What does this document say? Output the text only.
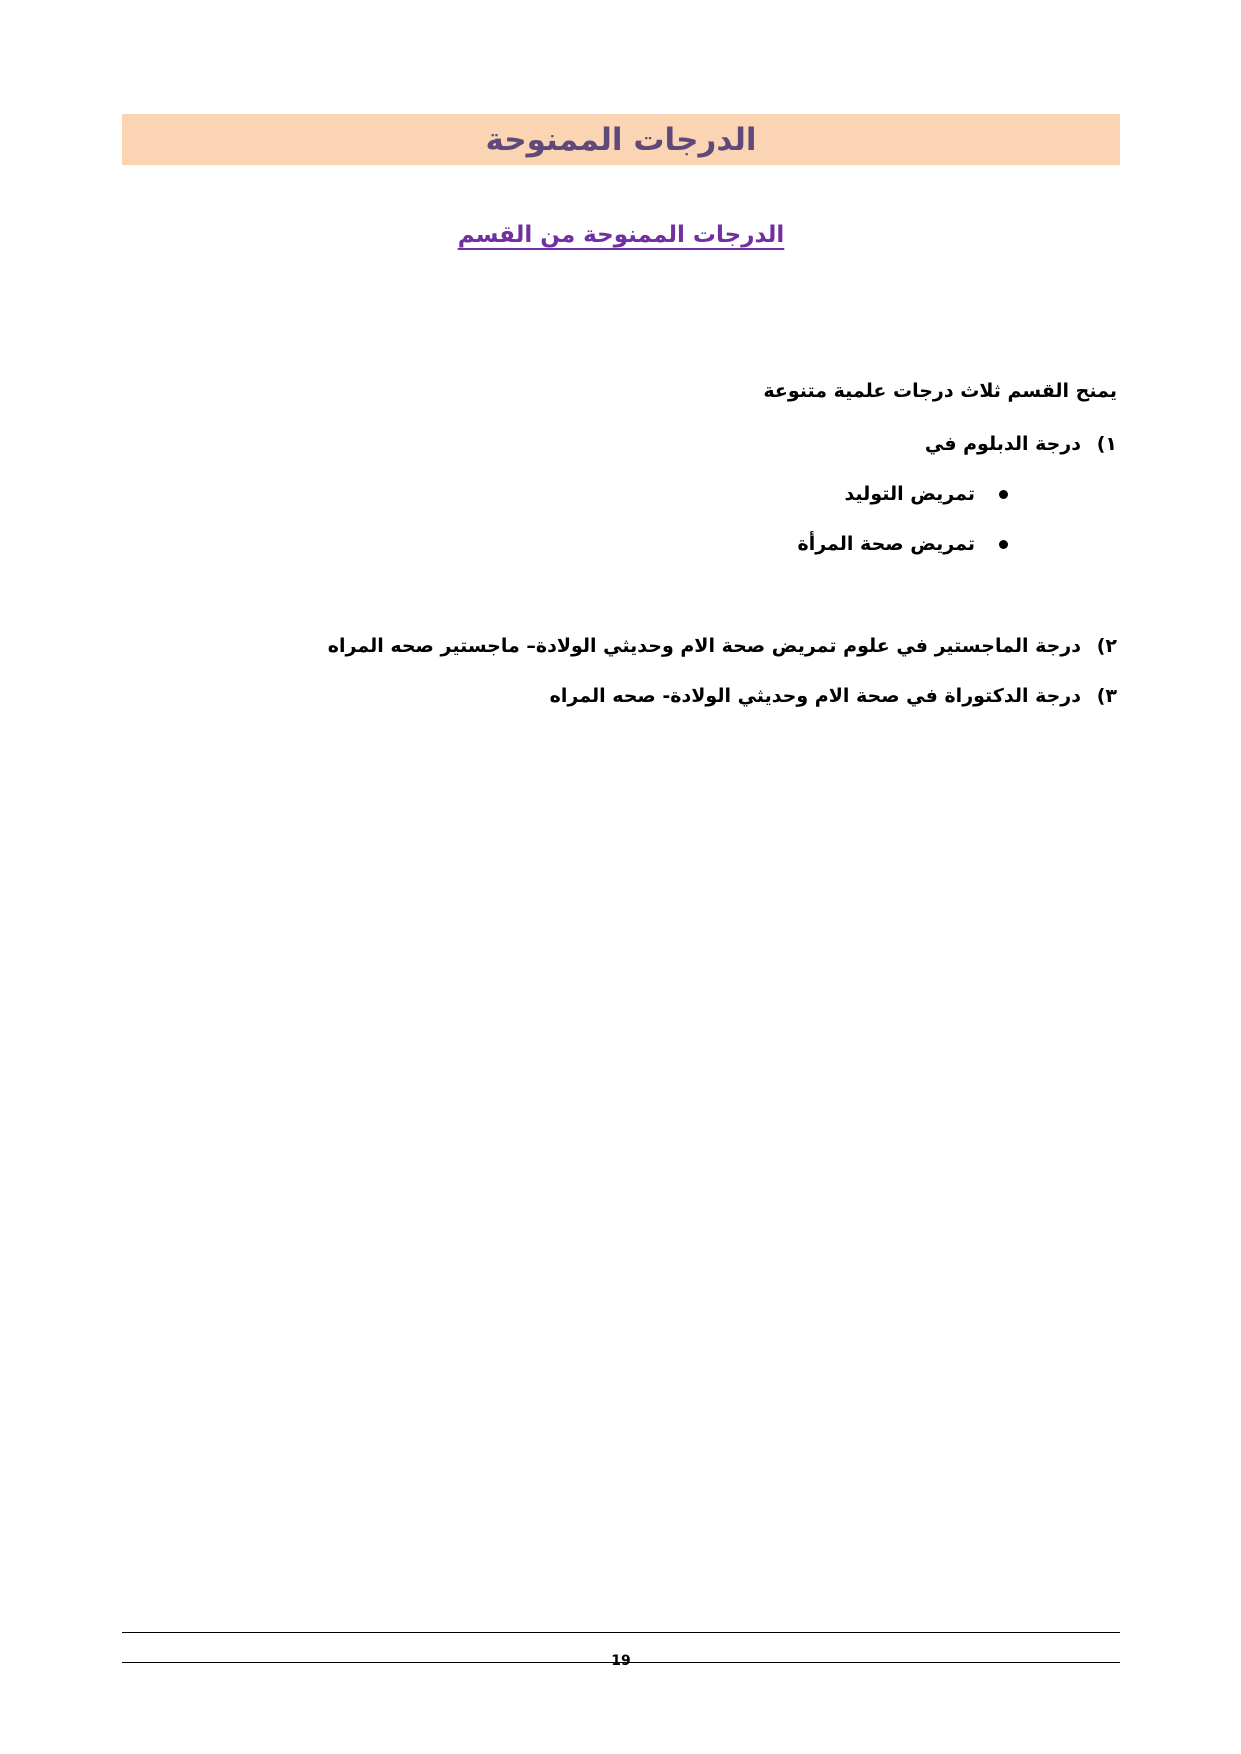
الدرجات الممنوحة
الدرجات الممنوحة من القسم
يمنح القسم ثلاث درجات علمية متنوعة
١)
درجة الدبلوم في
تمريض التوليد
تمريض صحة المرأة
٢)
درجة الماجستير في علوم تمريض صحة الام وحديثي الولادة– ماجستير صحه المراه
٣)
درجة الدكتوراة في صحة الام وحديثي الولادة- صحه المراه
19
